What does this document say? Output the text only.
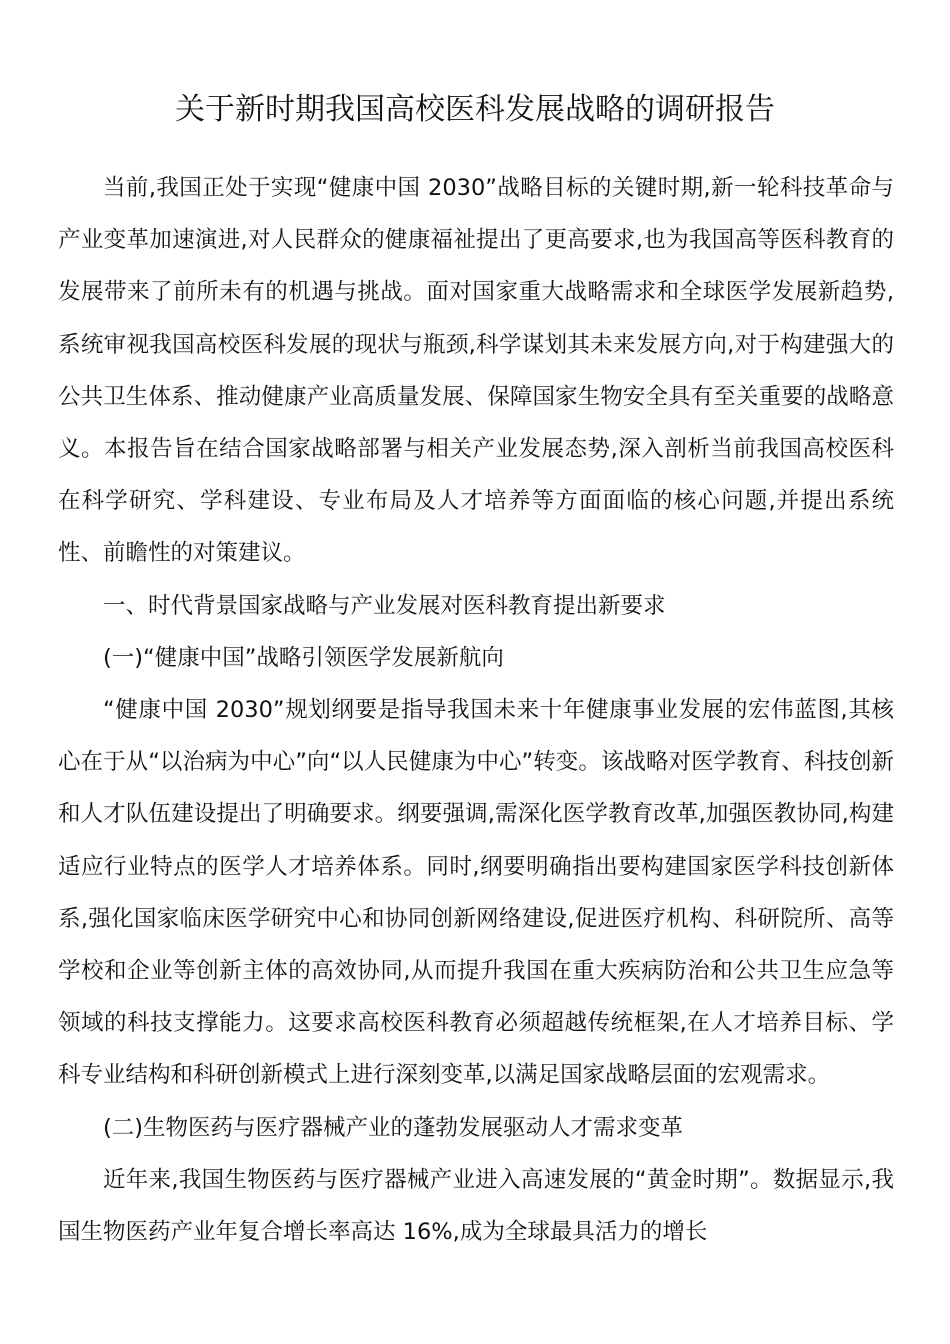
关于新时期我国高校医科发展战略的调研报告

当前,我国正处于实现“健康中国 2030”战略目标的关键时期,新一轮科技革命与产业变革加速演进,对人民群众的健康福祉提出了更高要求,也为我国高等医科教育的发展带来了前所未有的机遇与挑战。面对国家重大战略需求和全球医学发展新趋势,系统审视我国高校医科发展的现状与瓶颈,科学谋划其未来发展方向,对于构建强大的公共卫生体系、推动健康产业高质量发展、保障国家生物安全具有至关重要的战略意义。本报告旨在结合国家战略部署与相关产业发展态势,深入剖析当前我国高校医科在科学研究、学科建设、专业布局及人才培养等方面面临的核心问题,并提出系统性、前瞻性的对策建议。

一、时代背景国家战略与产业发展对医科教育提出新要求

(一)“健康中国”战略引领医学发展新航向

“健康中国 2030”规划纲要是指导我国未来十年健康事业发展的宏伟蓝图,其核心在于从“以治病为中心”向“以人民健康为中心”转变。该战略对医学教育、科技创新和人才队伍建设提出了明确要求。纲要强调,需深化医学教育改革,加强医教协同,构建适应行业特点的医学人才培养体系。同时,纲要明确指出要构建国家医学科技创新体系,强化国家临床医学研究中心和协同创新网络建设,促进医疗机构、科研院所、高等学校和企业等创新主体的高效协同,从而提升我国在重大疾病防治和公共卫生应急等领域的科技支撑能力。这要求高校医科教育必须超越传统框架,在人才培养目标、学科专业结构和科研创新模式上进行深刻变革,以满足国家战略层面的宏观需求。

(二)生物医药与医疗器械产业的蓬勃发展驱动人才需求变革

近年来,我国生物医药与医疗器械产业进入高速发展的“黄金时期”。数据显示,我国生物医药产业年复合增长率高达 16%,成为全球最具活力的增长
